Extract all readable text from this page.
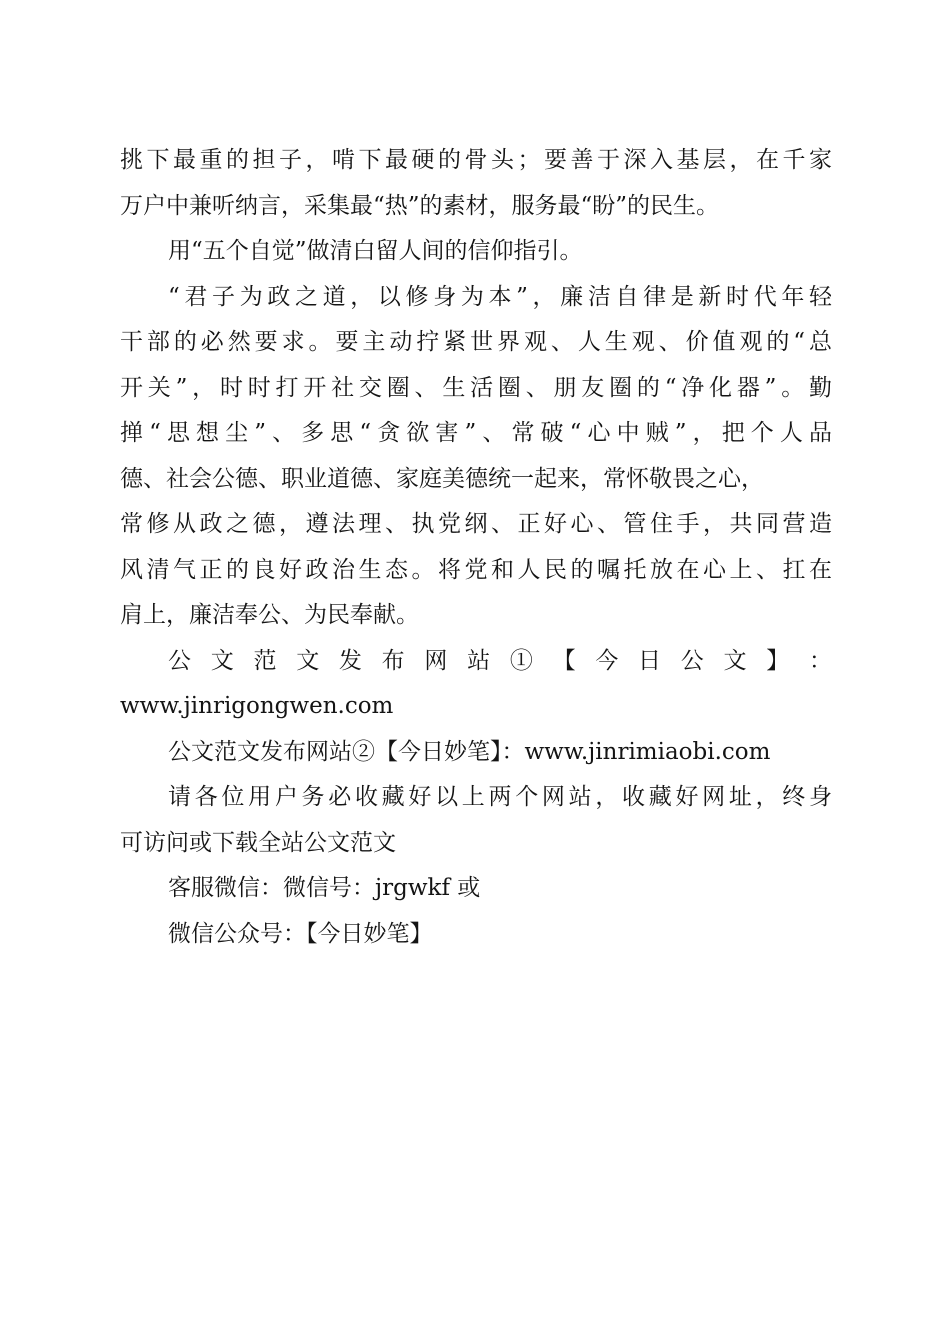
挑下最重的担子，啃下最硬的骨头；要善于深入基层，在千家
万户中兼听纳言，采集最“热”的素材，服务最“盼”的民生。
用“五个自觉”做清白留人间的信仰指引。
“君子为政之道，以修身为本”，廉洁自律是新时代年轻
干部的必然要求。要主动拧紧世界观、人生观、价值观的“总
开关”，时时打开社交圈、生活圈、朋友圈的“净化器”。勤
掸“思想尘”、多思“贪欲害”、常破“心中贼”，把个人品
德、社会公德、职业道德、家庭美德统一起来，常怀敬畏之心，
常修从政之德，遵法理、执党纲、正好心、管住手，共同营造
风清气正的良好政治生态。将党和人民的嘱托放在心上、扛在
肩上，廉洁奉公、为民奉献。
公 文 范 文 发 布 网 站 ① 【 今 日 公 文 】 ：
www.jinrigongwen.com
公文范文发布网站②【今日妙笔】：www.jinrimiaobi.com
请各位用户务必收藏好以上两个网站，收藏好网址，终身
可访问或下载全站公文范文
客服微信：微信号：jrgwkf 或
微信公众号：【今日妙笔】
